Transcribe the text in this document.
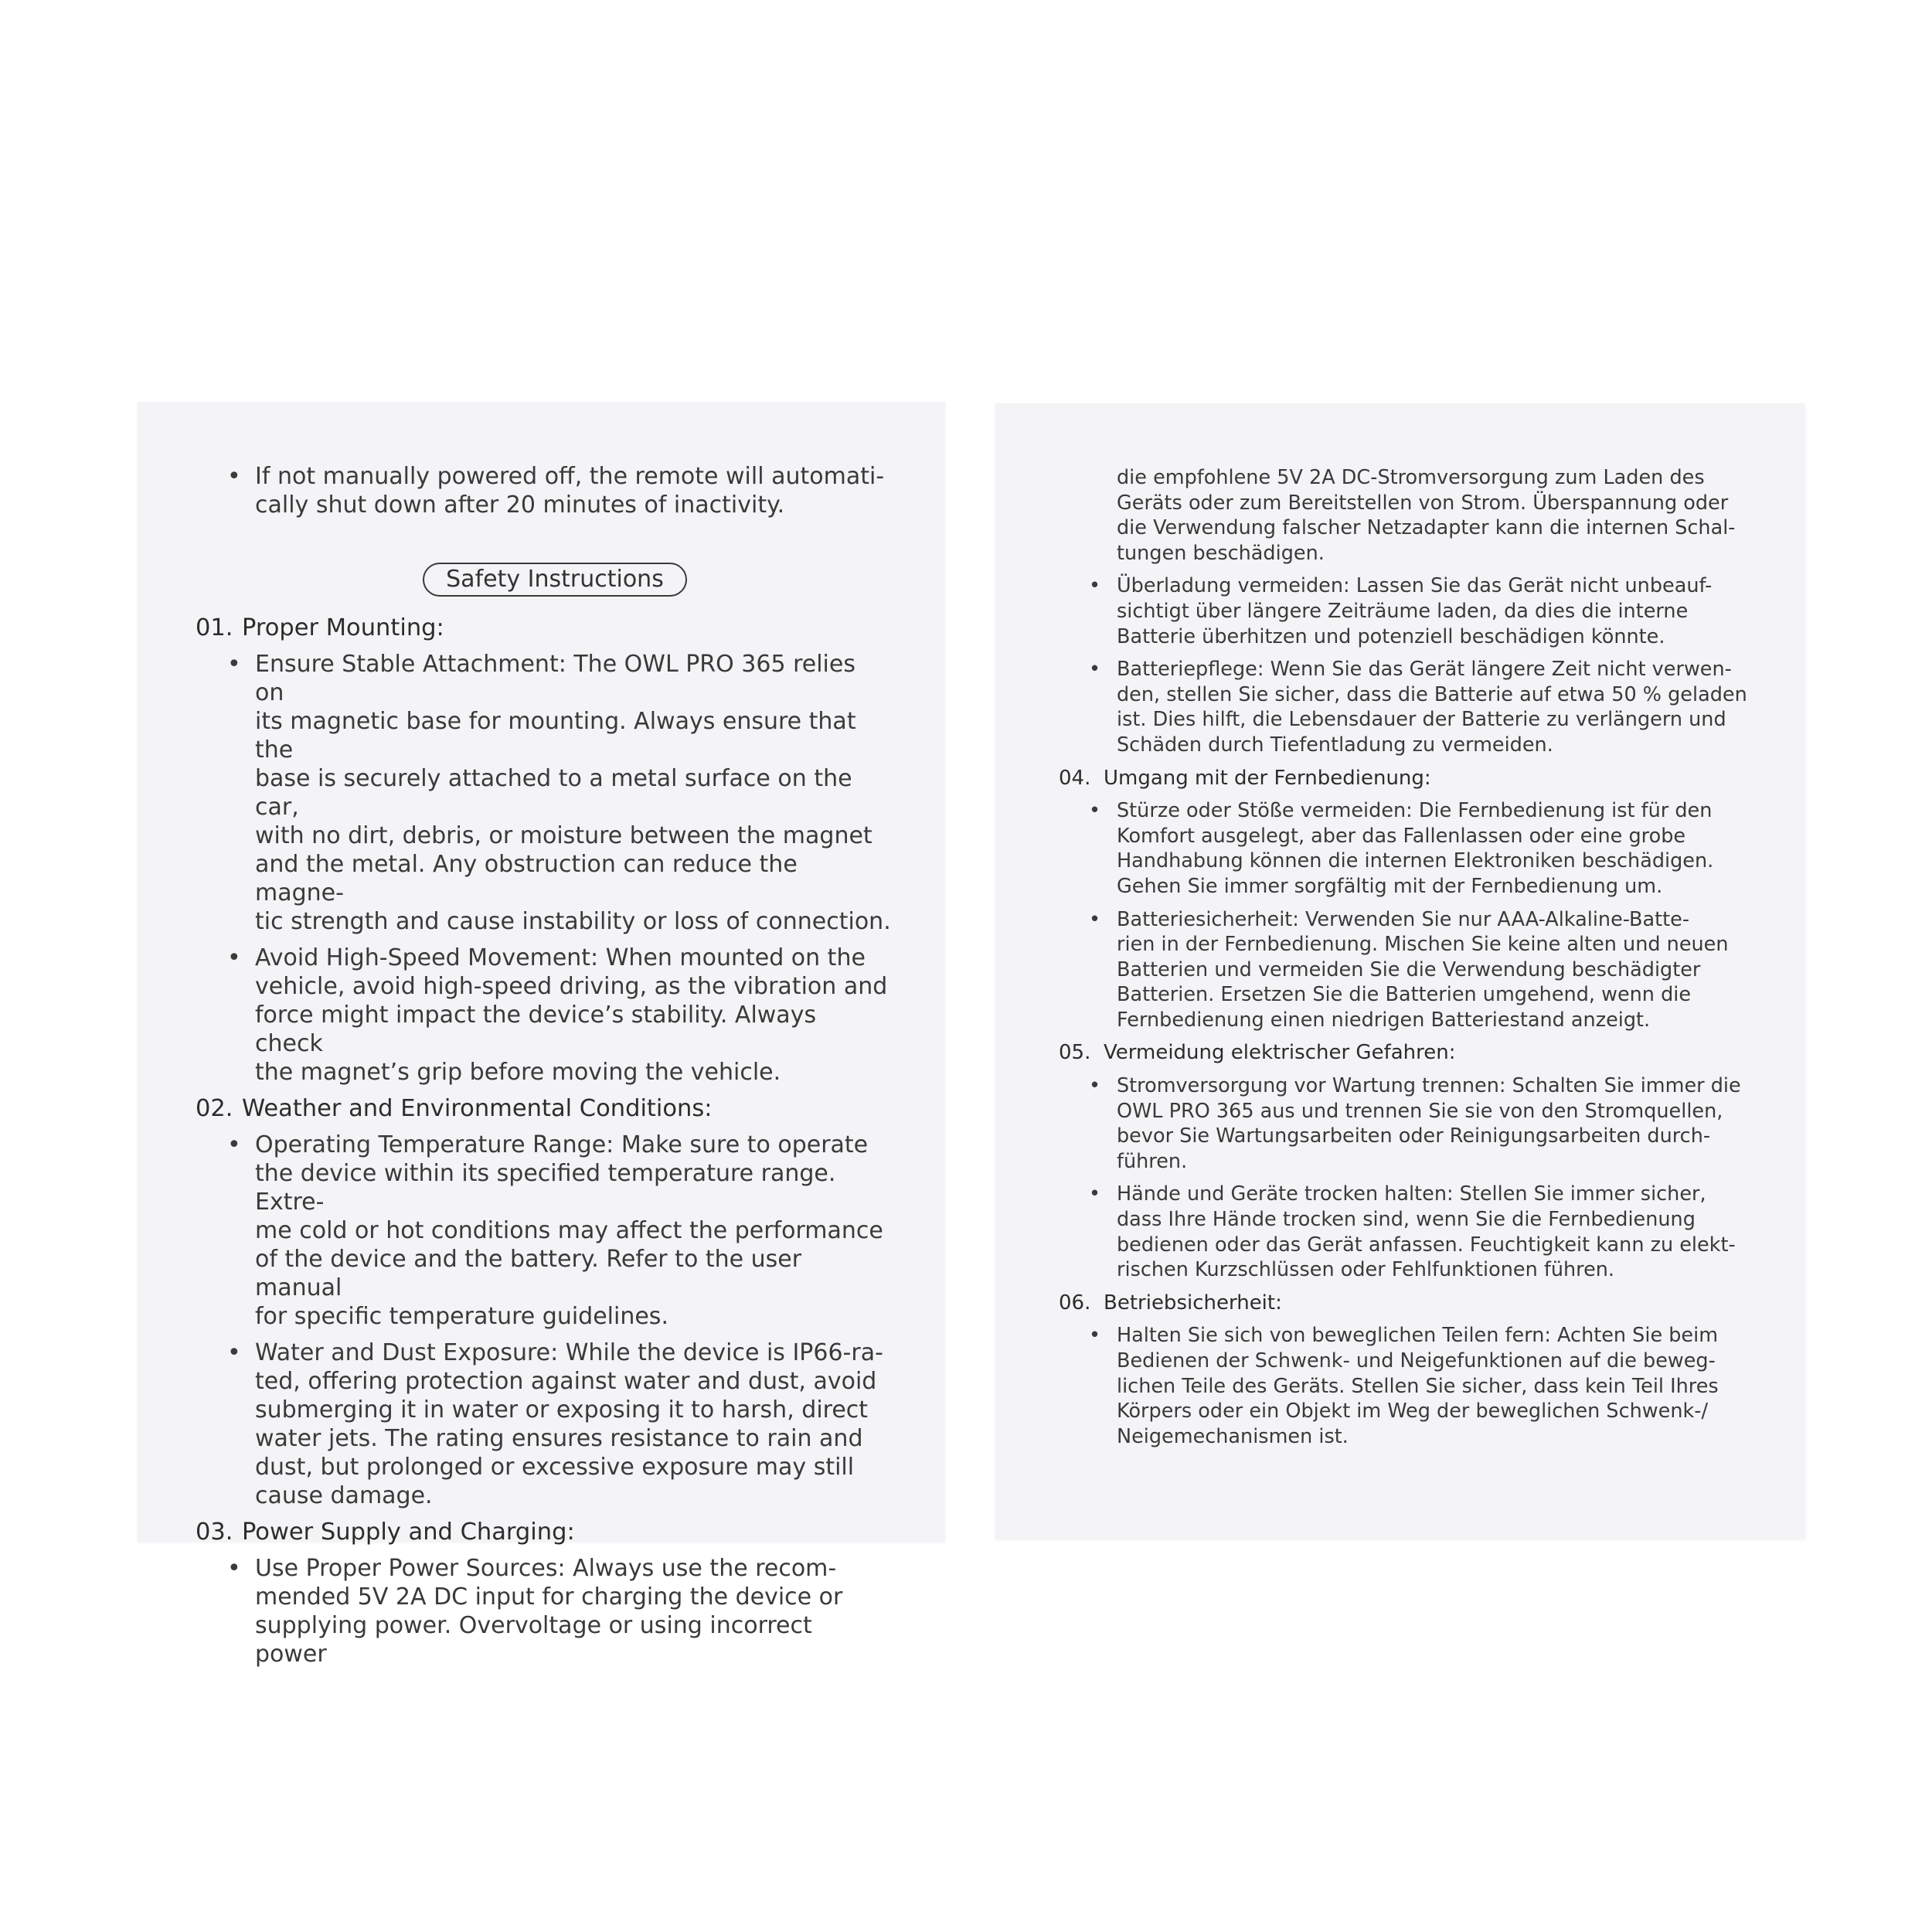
• If not manually powered off, the remote will automati-
cally shut down after 20 minutes of inactivity.
Safety Instructions
01. Proper Mounting:
• Ensure Stable Attachment: The OWL PRO 365 relies on
its magnetic base for mounting. Always ensure that the
base is securely attached to a metal surface on the car,
with no dirt, debris, or moisture between the magnet
and the metal. Any obstruction can reduce the magne-
tic strength and cause instability or loss of connection.
• Avoid High-Speed Movement: When mounted on the
vehicle, avoid high-speed driving, as the vibration and
force might impact the device’s stability. Always check
the magnet’s grip before moving the vehicle.
02. Weather and Environmental Conditions:
• Operating Temperature Range: Make sure to operate
the device within its specified temperature range. Extre-
me cold or hot conditions may affect the performance
of the device and the battery. Refer to the user manual
for specific temperature guidelines.
• Water and Dust Exposure: While the device is IP66-ra-
ted, offering protection against water and dust, avoid
submerging it in water or exposing it to harsh, direct
water jets. The rating ensures resistance to rain and
dust, but prolonged or excessive exposure may still
cause damage.
03. Power Supply and Charging:
• Use Proper Power Sources: Always use the recom-
mended 5V 2A DC input for charging the device or
supplying power. Overvoltage or using incorrect power
die empfohlene 5V 2A DC-Stromversorgung zum Laden des
Geräts oder zum Bereitstellen von Strom. Überspannung oder
die Verwendung falscher Netzadapter kann die internen Schal-
tungen beschädigen.
• Überladung vermeiden: Lassen Sie das Gerät nicht unbeauf-
sichtigt über längere Zeiträume laden, da dies die interne
Batterie überhitzen und potenziell beschädigen könnte.
• Batteriepflege: Wenn Sie das Gerät längere Zeit nicht verwen-
den, stellen Sie sicher, dass die Batterie auf etwa 50 % geladen
ist. Dies hilft, die Lebensdauer der Batterie zu verlängern und
Schäden durch Tiefentladung zu vermeiden.
04. Umgang mit der Fernbedienung:
• Stürze oder Stöße vermeiden: Die Fernbedienung ist für den
Komfort ausgelegt, aber das Fallenlassen oder eine grobe
Handhabung können die internen Elektroniken beschädigen.
Gehen Sie immer sorgfältig mit der Fernbedienung um.
• Batteriesicherheit: Verwenden Sie nur AAA-Alkaline-Batte-
rien in der Fernbedienung. Mischen Sie keine alten und neuen
Batterien und vermeiden Sie die Verwendung beschädigter
Batterien. Ersetzen Sie die Batterien umgehend, wenn die
Fernbedienung einen niedrigen Batteriestand anzeigt.
05. Vermeidung elektrischer Gefahren:
• Stromversorgung vor Wartung trennen: Schalten Sie immer die
OWL PRO 365 aus und trennen Sie sie von den Stromquellen,
bevor Sie Wartungsarbeiten oder Reinigungsarbeiten durch-
führen.
• Hände und Geräte trocken halten: Stellen Sie immer sicher,
dass Ihre Hände trocken sind, wenn Sie die Fernbedienung
bedienen oder das Gerät anfassen. Feuchtigkeit kann zu elekt-
rischen Kurzschlüssen oder Fehlfunktionen führen.
06. Betriebsicherheit:
• Halten Sie sich von beweglichen Teilen fern: Achten Sie beim
Bedienen der Schwenk- und Neigefunktionen auf die beweg-
lichen Teile des Geräts. Stellen Sie sicher, dass kein Teil Ihres
Körpers oder ein Objekt im Weg der beweglichen Schwenk-/
Neigemechanismen ist.
